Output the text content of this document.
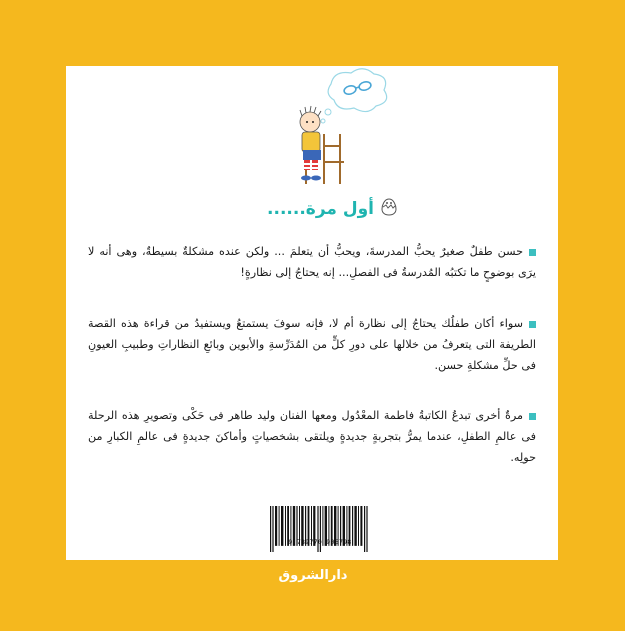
أول مرة......
حسن طفلٌ صغيرٌ يحبُّ المدرسةَ، ويحبُّ أن يتعلمَ ... ولكن عنده مشكلةٌ بسيطةٌ، وهى أنه لا يرَى بوضوحٍ ما تكتبُه المُدرسةُ فى الفصلِ... إنه يحتاجُ إلى نظارةٍ!
سواء أكان طفلُك يحتاجُ إلى نظارة أم لا، فإنه سوفَ يستمتعُ ويستفيدُ من قراءة هذه القصة الطريفة التى يتعرفُ من خلالها على دورِ كلٍّ من المُدَرِّسةِ والأبوين وبائعِ النظاراتِ وطبيبِ العيونِ فى حلِّ مشكلةِ حسن.
مرةٌ أخرى تبدعُ الكاتبةُ فاطمة المعْدُول ومعها الفنان وليد طاهر فى حَكْى وتصويرِ هذه الرحلة فى عالمِ الطفلِ، عندما يمرُّ بتجربةٍ جديدةٍ ويلتقى بشخصياتٍ وأماكنَ جديدةٍ فى عالمِ الكبارِ من حولِه.
9 789770 906798
دارالشروق
